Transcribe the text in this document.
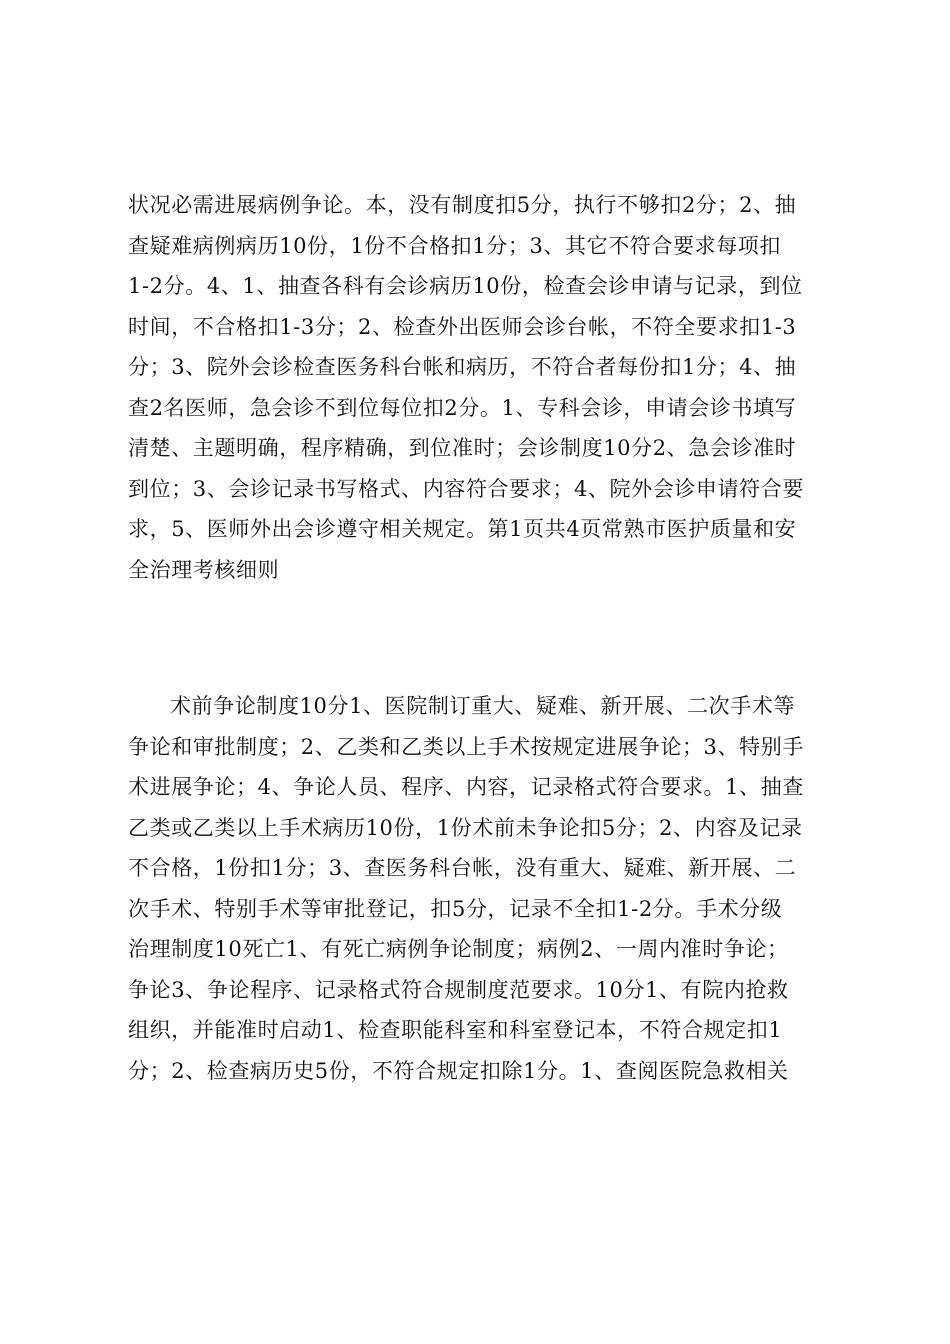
状况必需进展病例争论。本，没有制度扣5分，执行不够扣2分；2、抽
查疑难病例病历10份，1份不合格扣1分；3、其它不符合要求每项扣
1-2分。4、1、抽查各科有会诊病历10份，检查会诊申请与记录，到位
时间，不合格扣1-3分；2、检查外出医师会诊台帐，不符全要求扣1-3
分；3、院外会诊检查医务科台帐和病历，不符合者每份扣1分；4、抽
查2名医师，急会诊不到位每位扣2分。1、专科会诊，申请会诊书填写
清楚、主题明确，程序精确，到位准时；会诊制度10分2、急会诊准时
到位；3、会诊记录书写格式、内容符合要求；4、院外会诊申请符合要
求，5、医师外出会诊遵守相关规定。第1页共4页常熟市医护质量和安
全治理考核细则
术前争论制度10分1、医院制订重大、疑难、新开展、二次手术等
争论和审批制度；2、乙类和乙类以上手术按规定进展争论；3、特别手
术进展争论；4、争论人员、程序、内容，记录格式符合要求。1、抽查
乙类或乙类以上手术病历10份，1份术前未争论扣5分；2、内容及记录
不合格，1份扣1分；3、查医务科台帐，没有重大、疑难、新开展、二
次手术、特别手术等审批登记，扣5分，记录不全扣1-2分。手术分级
治理制度10死亡1、有死亡病例争论制度；病例2、一周内准时争论；
争论3、争论程序、记录格式符合规制度范要求。10分1、有院内抢救
组织，并能准时启动1、检查职能科室和科室登记本，不符合规定扣1
分；2、检查病历史5份，不符合规定扣除1分。1、查阅医院急救相关
